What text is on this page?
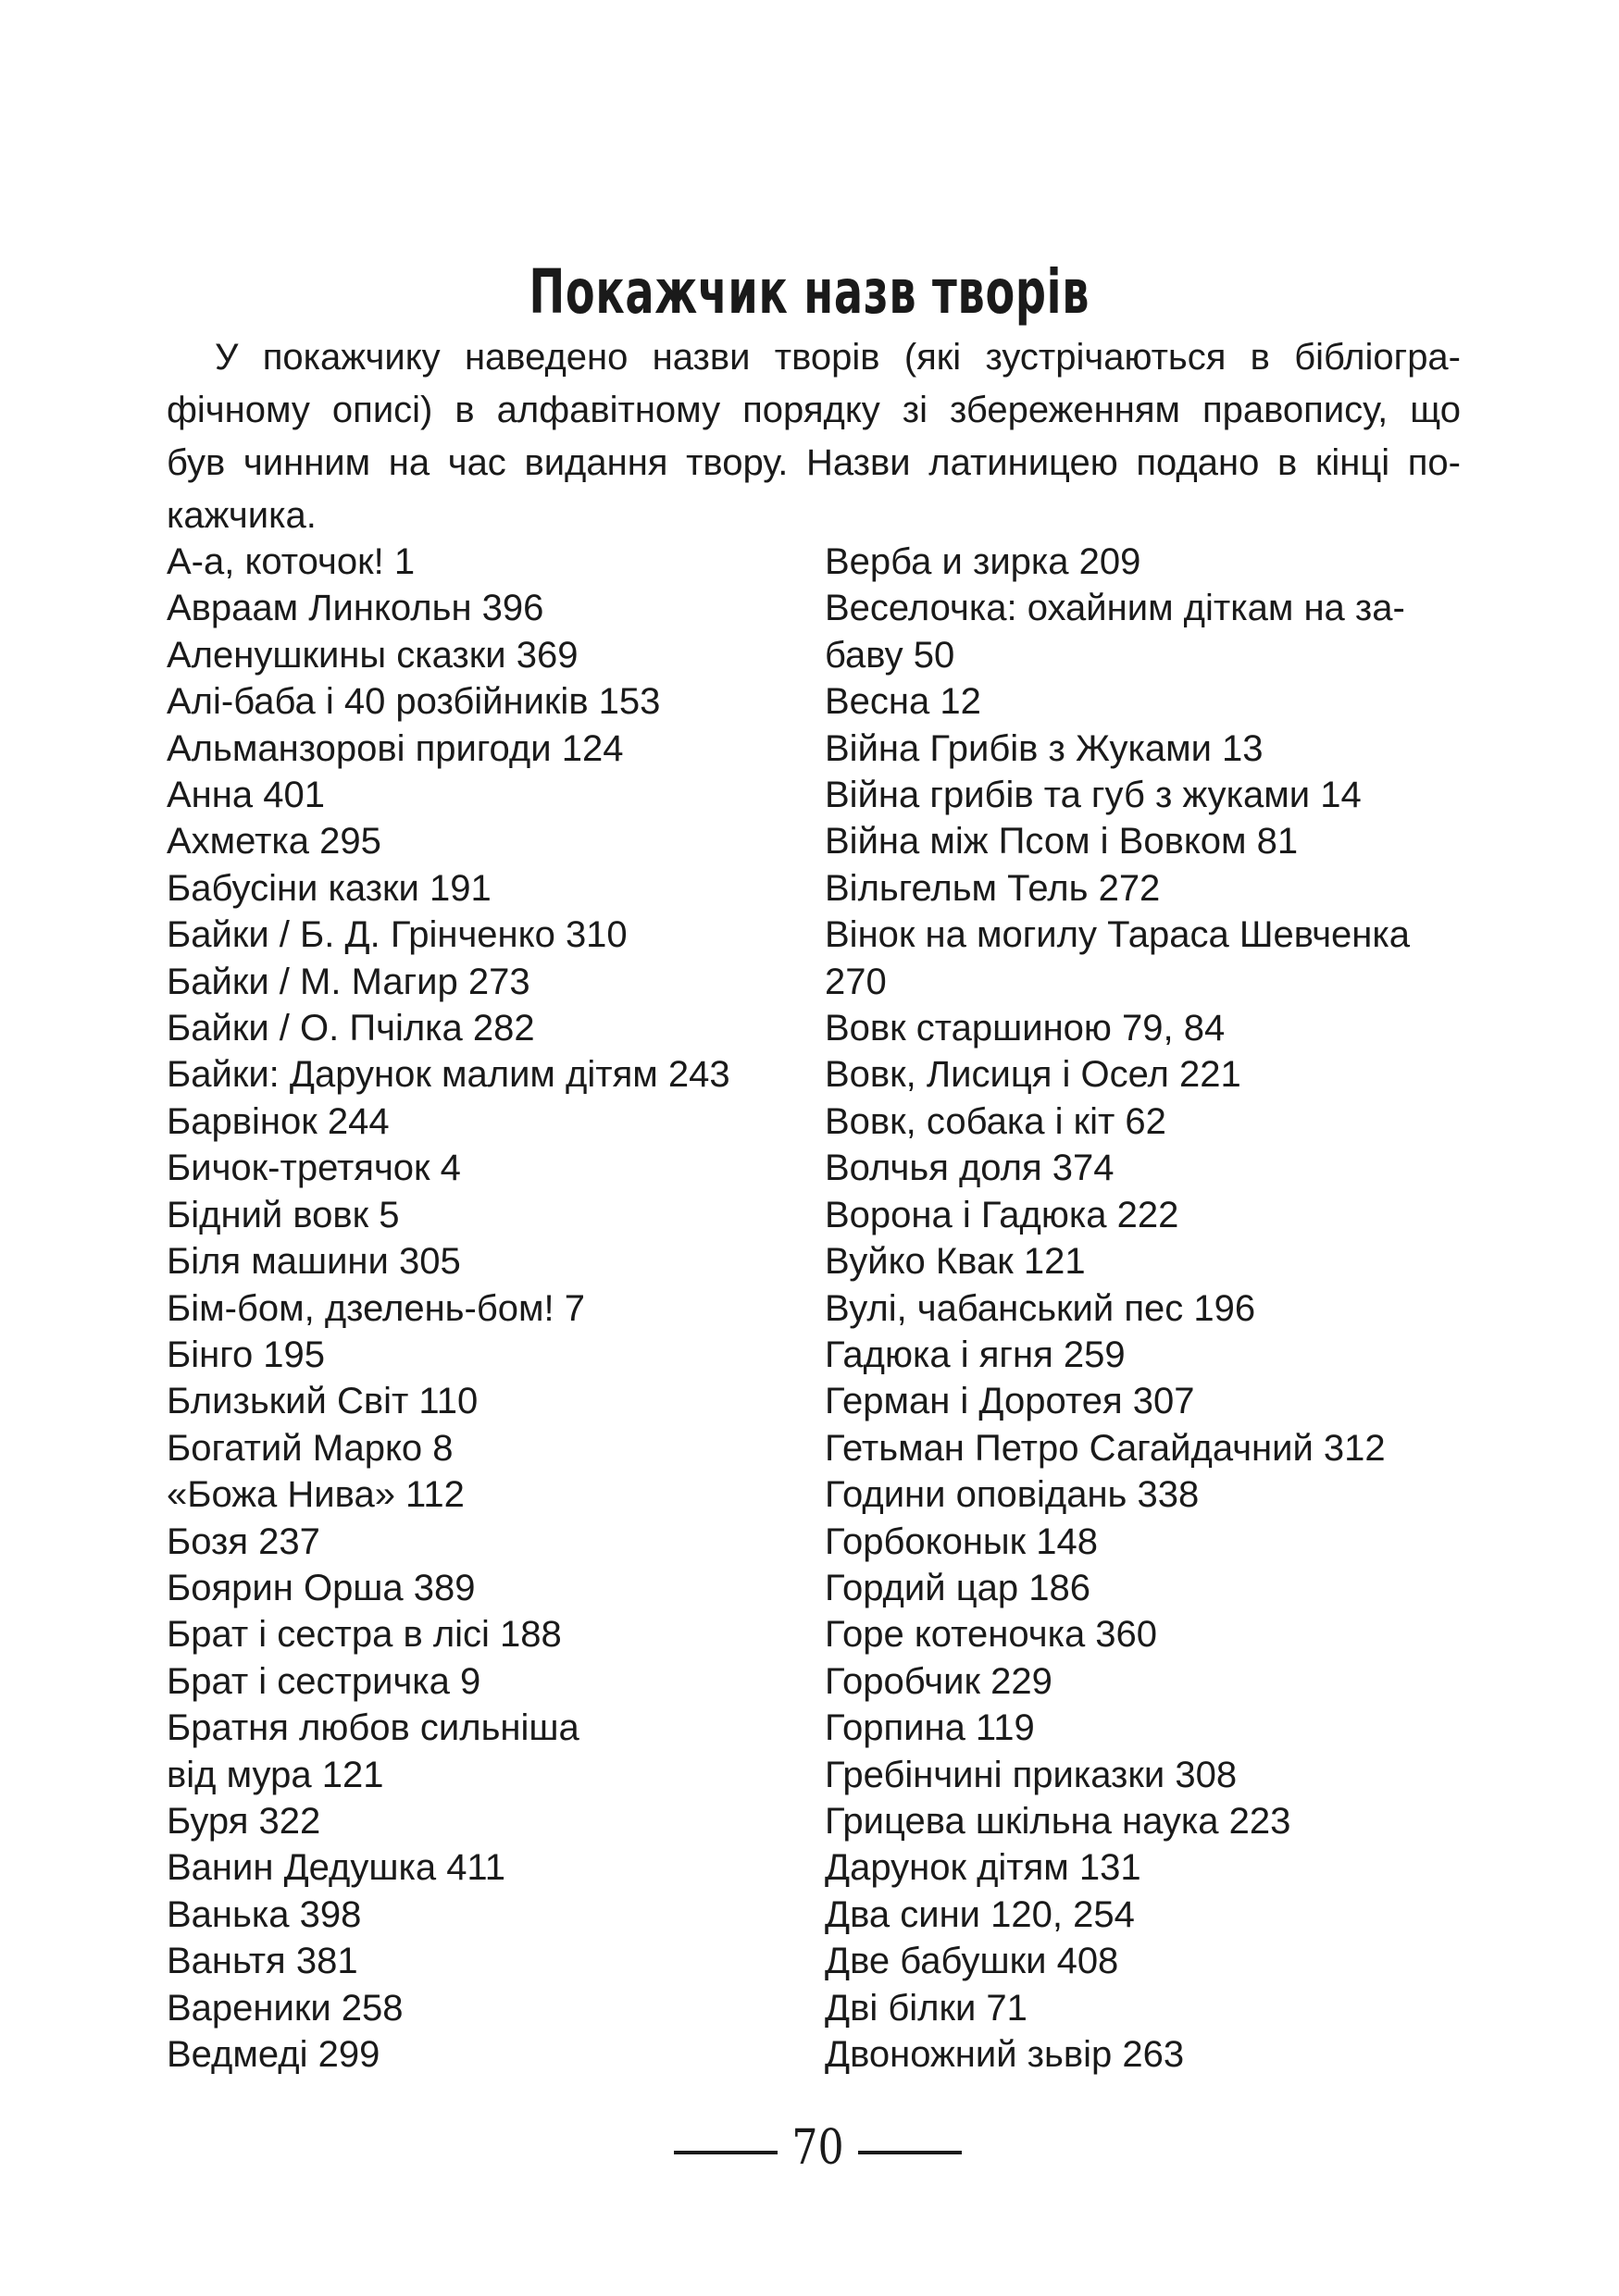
Покажчик назв творів
У покажчику наведено назви творів (які зустрічаються в бібліогра-
фічному описі) в алфавітному порядку зі збереженням правопису, що
був чинним на час видання твору. Назви латиницею подано в кінці по-
кажчика.
А-а, коточок! 1
Авраам Линкольн 396
Аленушкины сказки 369
Алі-баба і 40 розбійників 153
Альманзорові пригоди 124
Анна 401
Ахметка 295
Бабусіни казки 191
Байки / Б. Д. Грінченко 310
Байки / М. Магир 273
Байки / О. Пчілка 282
Байки: Дарунок малим дітям 243
Барвінок 244
Бичок-третячок 4
Бідний вовк 5
Біля машини 305
Бім-бом, дзелень-бом! 7
Бінго 195
Близький Світ 110
Богатий Марко 8
«Божа Нива» 112
Бозя 237
Боярин Орша 389
Брат і сестра в лісі 188
Брат і сестричка 9
Братня любов сильніша
від мура 121
Буря 322
Ванин Дедушка 411
Ванька 398
Ваньтя 381
Вареники 258
Ведмеді 299
Верба и зирка 209
Веселочка: охайним діткам на за-
баву 50
Весна 12
Війна Грибів з Жуками 13
Війна грибів та губ з жуками 14
Війна між Псом і Вовком 81
Вільгельм Тель 272
Вінок на могилу Тараса Шевченка
270
Вовк старшиною 79, 84
Вовк, Лисиця і Осел 221
Вовк, собака і кіт 62
Волчья доля 374
Ворона і Гадюка 222
Вуйко Квак 121
Вулі, чабанський пес 196
Гадюка і ягня 259
Герман і Доротея 307
Гетьман Петро Сагайдачний 312
Години оповідань 338
Горбоконык 148
Гордий цар 186
Горе котеночка 360
Горобчик 229
Горпина 119
Гребінчині приказки 308
Грицева шкільна наука 223
Дарунок дітям 131
Два сини 120, 254
Две бабушки 408
Дві білки 71
Двоножний зьвір 263
70
